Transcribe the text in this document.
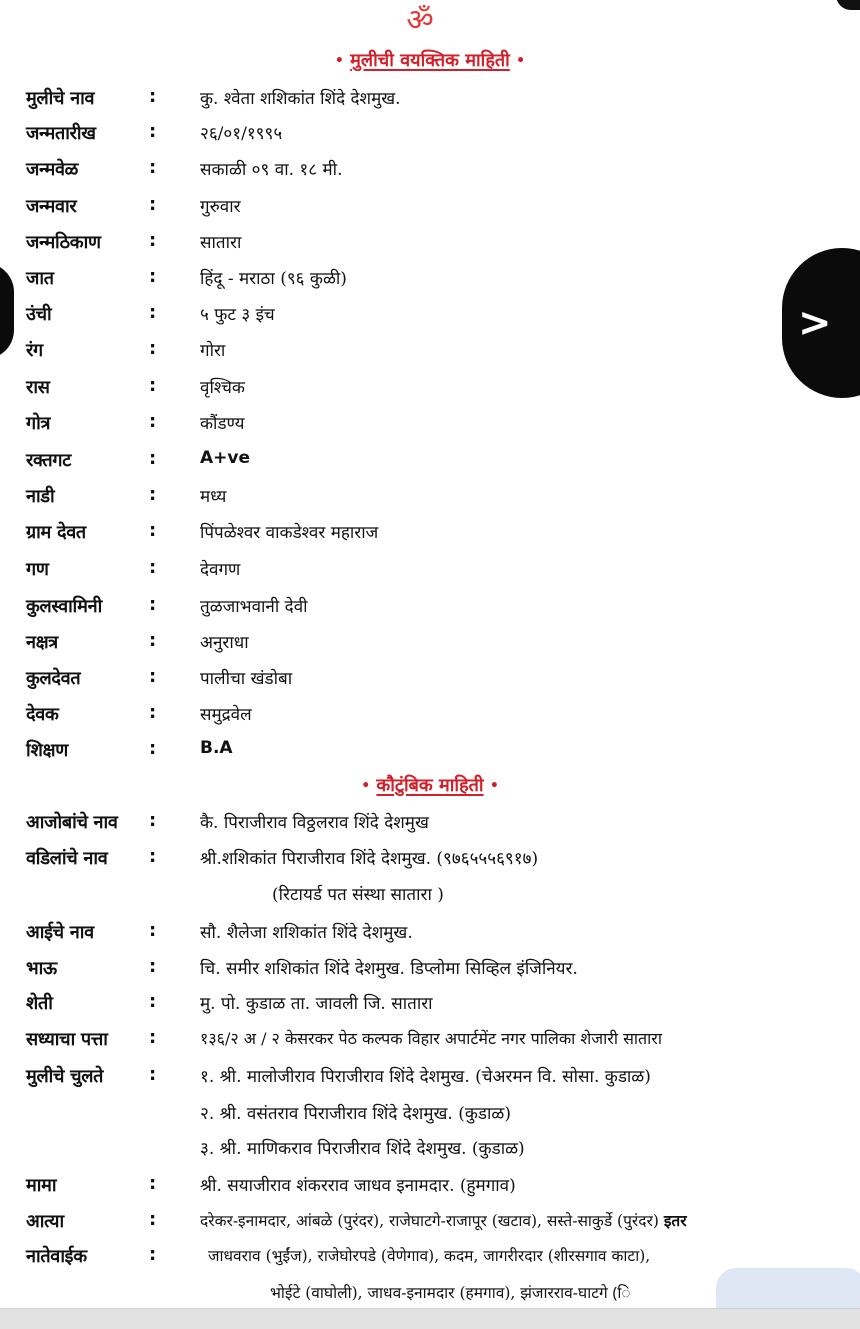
ॐ
• मुलीची वयक्तिक माहिती •
मुलीचे नाव	:	कु. श्वेता शशिकांत शिंदे देशमुख.
जन्मतारीख	:	२६/०१/१९९५
जन्मवेळ	:	सकाळी ०९ वा. १८ मी.
जन्मवार	:	गुरुवार
जन्मठिकाण	:	सातारा
जात	:	हिंदू - मराठा (९६ कुळी)
उंची	:	५ फुट ३ इंच
रंग	:	गोरा
रास	:	वृश्चिक
गोत्र	:	कौंडण्य
रक्तगट	:	A+ve
नाडी	:	मध्य
ग्राम देवत	:	पिंपळेश्वर वाकडेश्वर महाराज
गण	:	देवगण
कुलस्वामिनी	:	तुळजाभवानी देवी
नक्षत्र	:	अनुराधा
कुलदेवत	:	पालीचा खंडोबा
देवक	:	समुद्रवेल
शिक्षण	:	B.A
• कौटुंबिक माहिती •
आजोबांचे नाव :	कै. पिराजीराव विठ्ठलराव शिंदे देशमुख
वडिलांचे नाव :	श्री.शशिकांत पिराजीराव शिंदे देशमुख. (९७६५५५६९१७)
(रिटायर्ड पत संस्था सातारा )
आईचे नाव	:	सौ. शैलेजा शशिकांत शिंदे देशमुख.
भाऊ	:	चि. समीर शशिकांत शिंदे देशमुख. डिप्लोमा सिव्हिल इंजिनियर.
शेती	:	मु. पो. कुडाळ ता. जावली जि. सातारा
सध्याचा पत्ता :	१३६/२ अ / २ केसरकर पेठ कल्पक विहार अपार्टमेंट नगर पालिका शेजारी सातारा
मुलीचे चुलते	:	१. श्री. मालोजीराव पिराजीराव शिंदे देशमुख. (चेअरमन वि. सोसा. कुडाळ)
२. श्री. वसंतराव पिराजीराव शिंदे देशमुख. (कुडाळ)
३. श्री. माणिकराव पिराजीराव शिंदे देशमुख. (कुडाळ)
मामा	:	श्री. सयाजीराव शंकरराव जाधव इनामदार. (हुमगाव)
आत्या	:	दरेकर-इनामदार, आंबळे (पुरंदर), राजेघाटगे-राजापूर (खटाव), सस्ते-साकुर्डे (पुरंदर) इतर
नातेवाईक	:	जाधवराव (भुईंज), राजेघोरपडे (वेणेगाव), कदम, जागरीरदार (शीरसगाव काटा),
भोईटे (वाघोली), जाधव-इनामदार (हमगाव), झंजारराव-घाटगे (ि
>
